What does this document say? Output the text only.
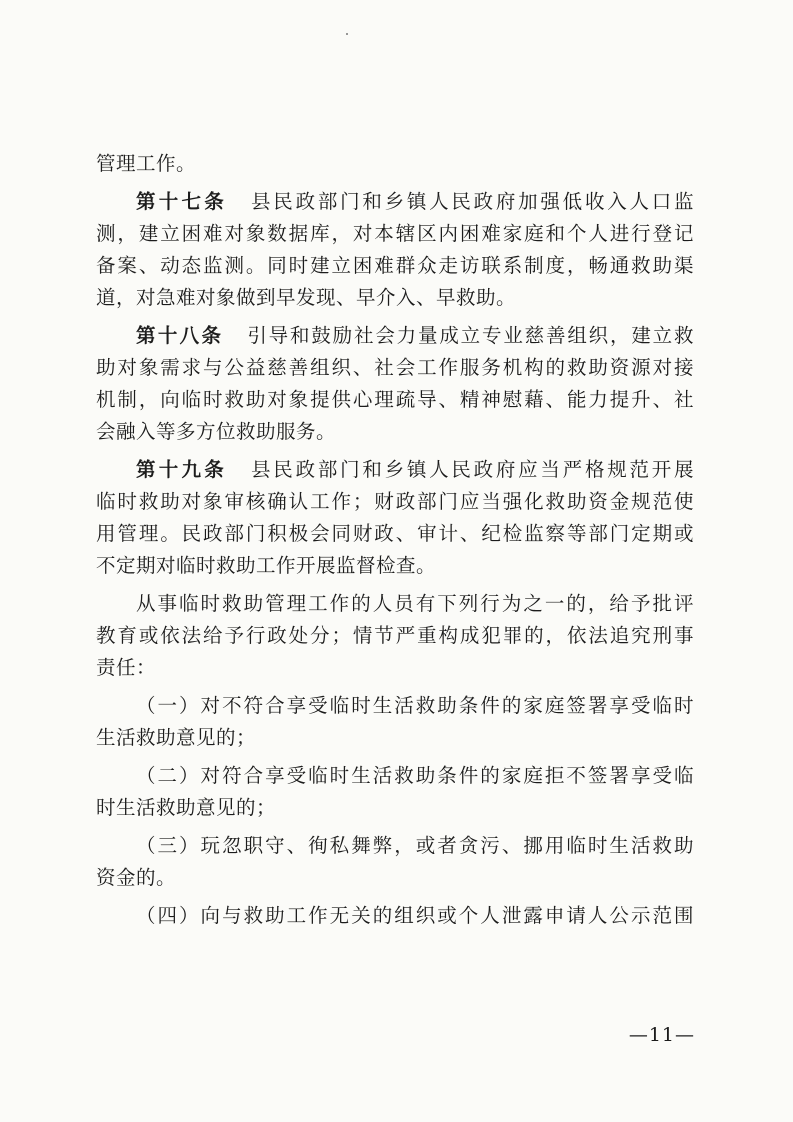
管理工作。
第十七条 县民政部门和乡镇人民政府加强低收入人口监
测，建立困难对象数据库，对本辖区内困难家庭和个人进行登记
备案、动态监测。同时建立困难群众走访联系制度，畅通救助渠
道，对急难对象做到早发现、早介入、早救助。
第十八条 引导和鼓励社会力量成立专业慈善组织，建立救
助对象需求与公益慈善组织、社会工作服务机构的救助资源对接
机制，向临时救助对象提供心理疏导、精神慰藉、能力提升、社
会融入等多方位救助服务。
第十九条 县民政部门和乡镇人民政府应当严格规范开展
临时救助对象审核确认工作；财政部门应当强化救助资金规范使
用管理。民政部门积极会同财政、审计、纪检监察等部门定期或
不定期对临时救助工作开展监督检查。
从事临时救助管理工作的人员有下列行为之一的，给予批评
教育或依法给予行政处分；情节严重构成犯罪的，依法追究刑事
责任：
（一）对不符合享受临时生活救助条件的家庭签署享受临时
生活救助意见的；
（二）对符合享受临时生活救助条件的家庭拒不签署享受临
时生活救助意见的；
（三）玩忽职守、徇私舞弊，或者贪污、挪用临时生活救助
资金的。
（四）向与救助工作无关的组织或个人泄露申请人公示范围
—11—
